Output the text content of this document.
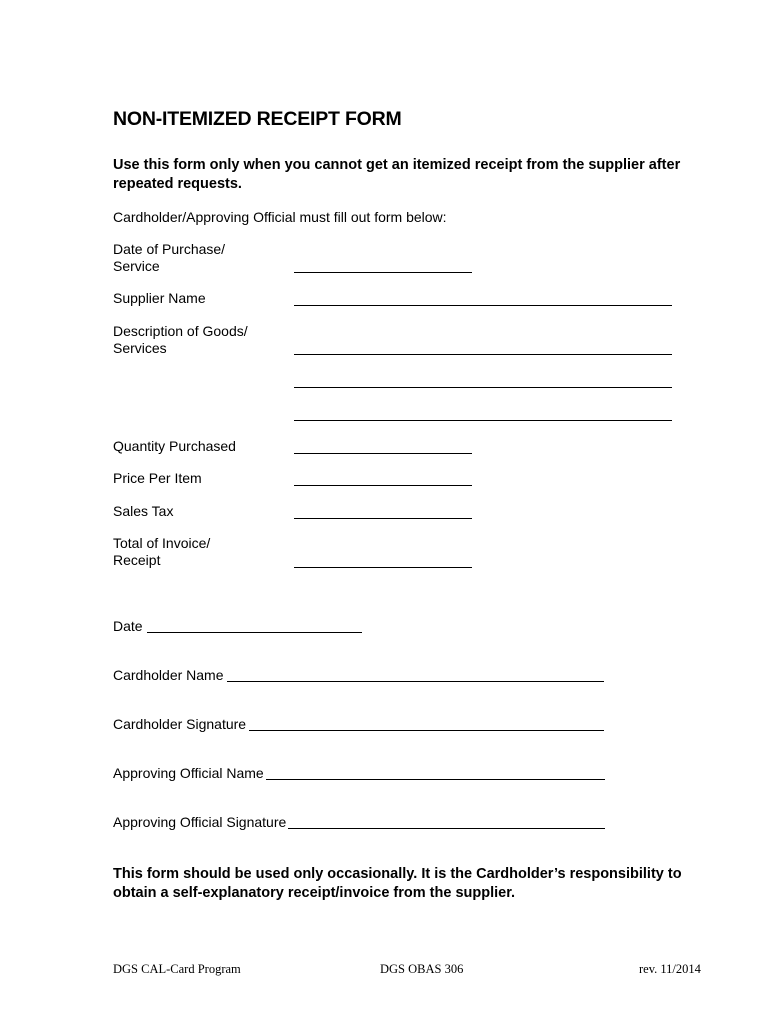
NON-ITEMIZED RECEIPT FORM
Use this form only when you cannot get an itemized receipt from the supplier after repeated requests.
Cardholder/Approving Official must fill out form below:
Date of Purchase/
Service
Supplier Name
Description of Goods/
Services
Quantity Purchased
Price Per Item
Sales Tax
Total of Invoice/
Receipt
Date
Cardholder Name
Cardholder Signature
Approving Official Name
Approving Official Signature
This form should be used only occasionally. It is the Cardholder’s responsibility to obtain a self-explanatory receipt/invoice from the supplier.
DGS CAL-Card Program	DGS OBAS 306	rev. 11/2014
